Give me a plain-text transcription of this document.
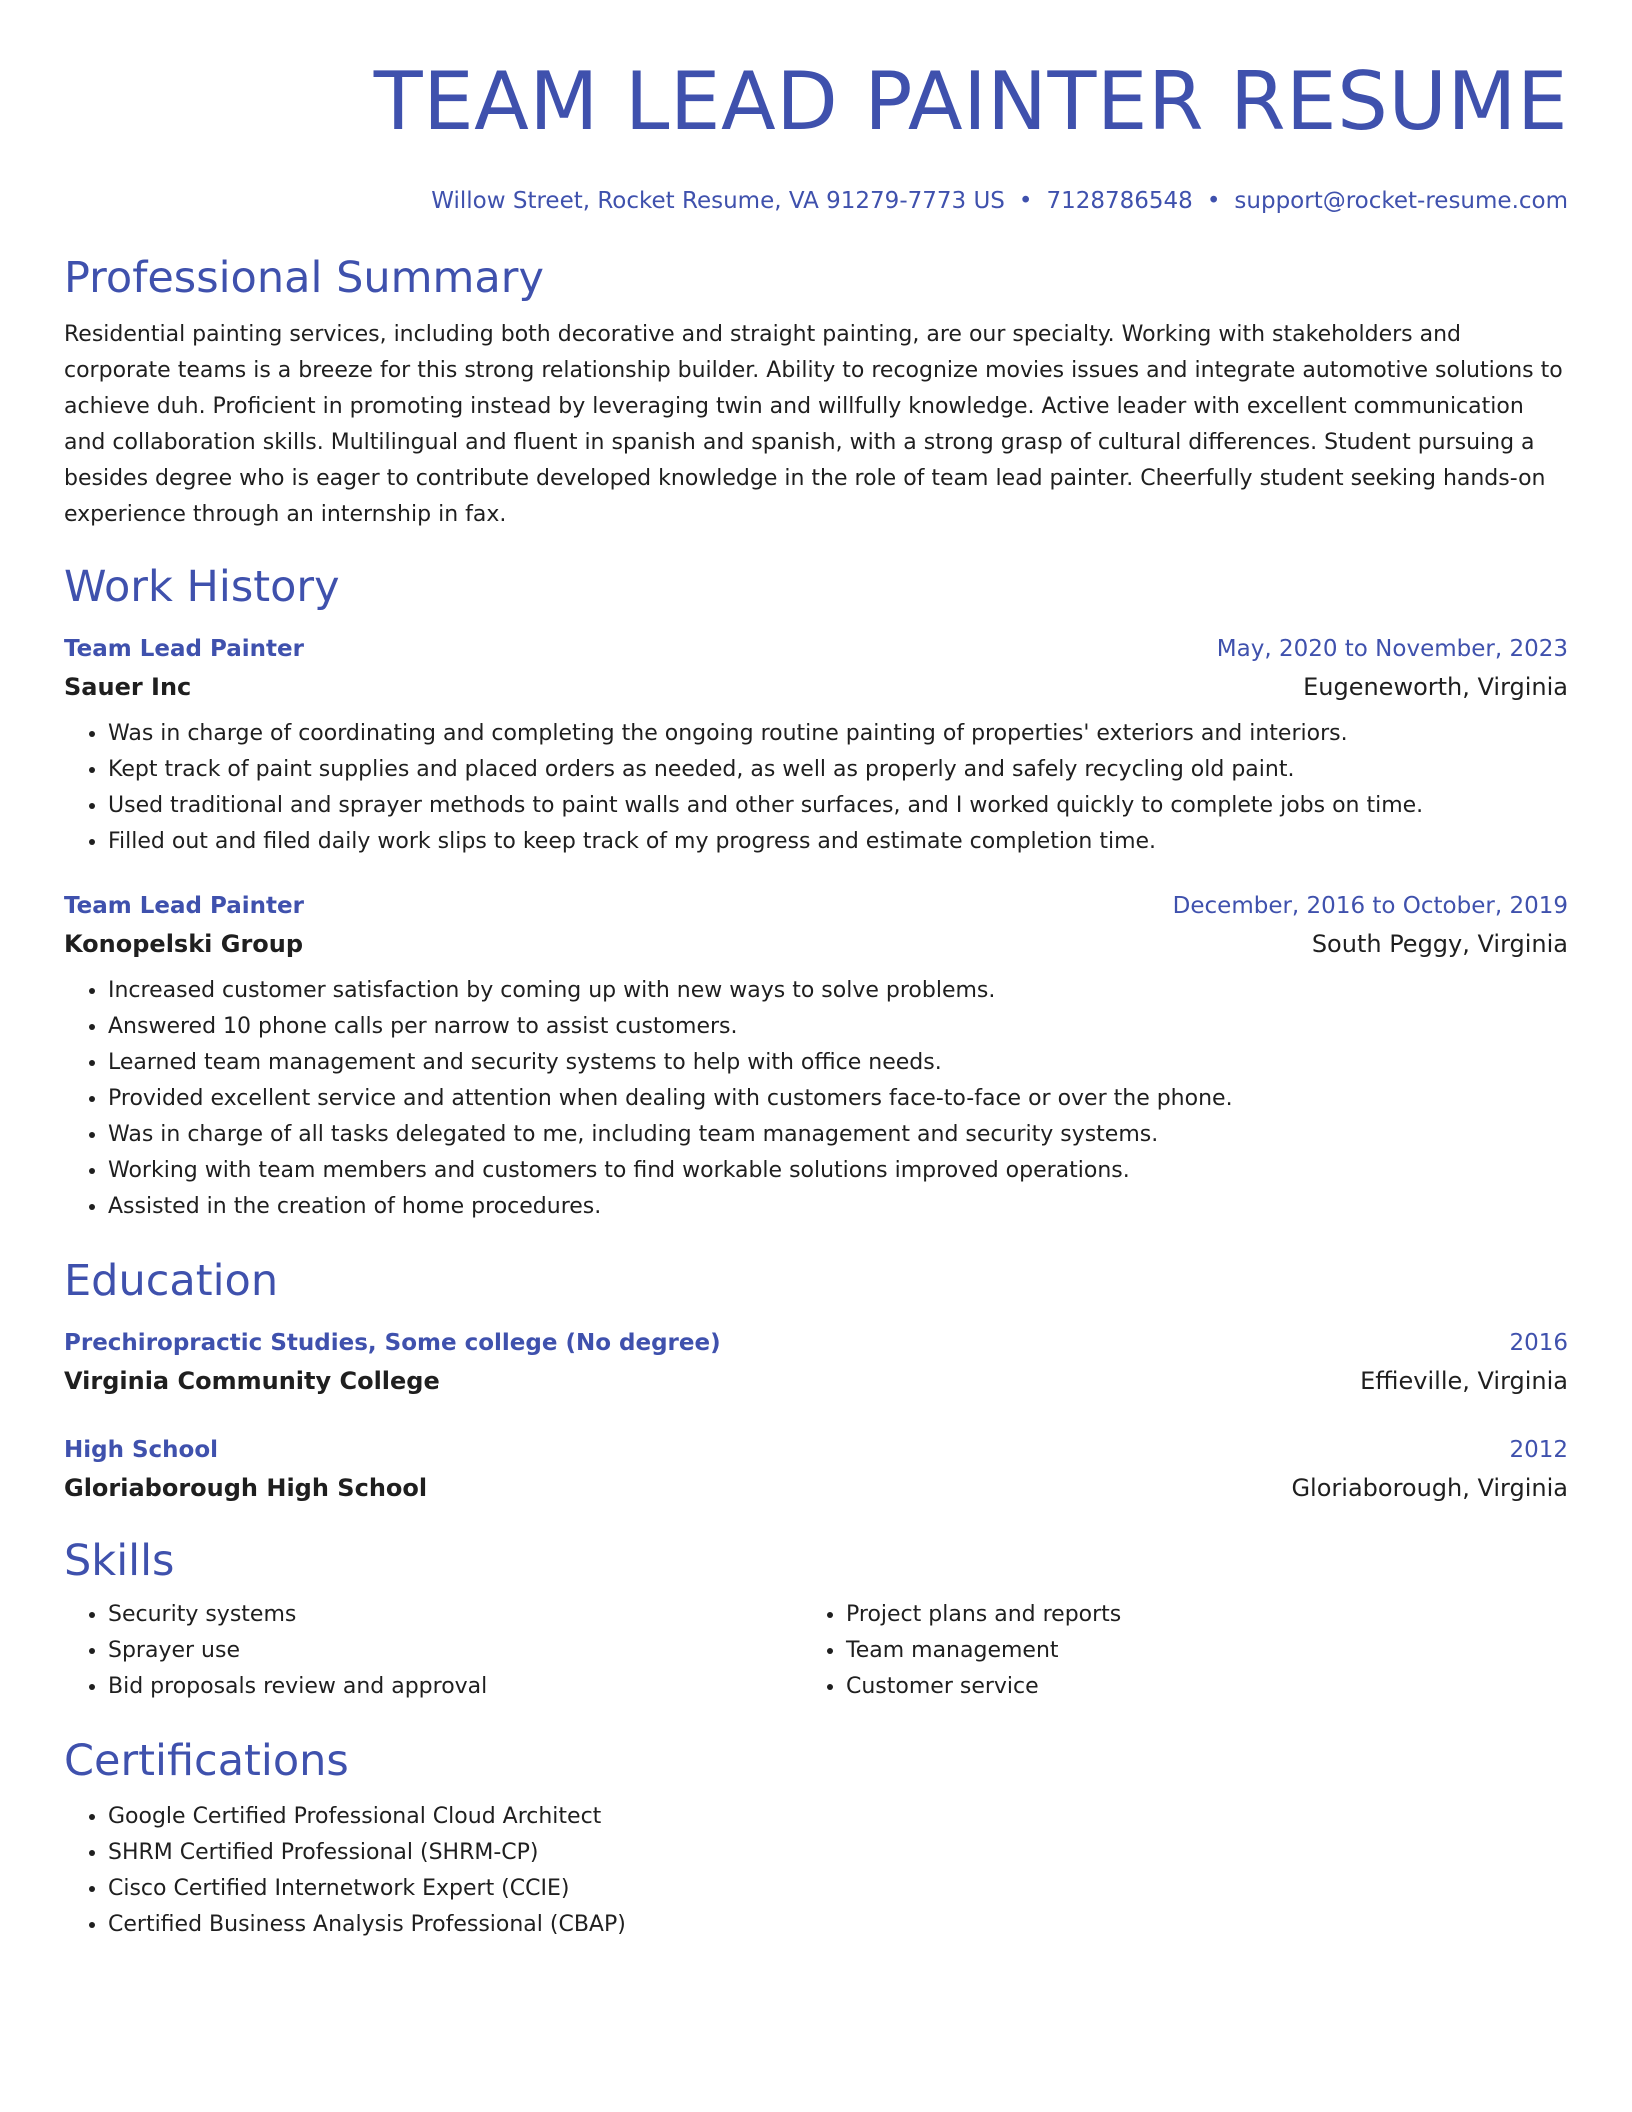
TEAM LEAD PAINTER RESUME
Willow Street, Rocket Resume, VA 91279-7773 US • 7128786548 • support@rocket-resume.com
Professional Summary

Residential painting services, including both decorative and straight painting, are our specialty. Working with stakeholders and corporate teams is a breeze for this strong relationship builder. Ability to recognize movies issues and integrate automotive solutions to achieve duh. Proficient in promoting instead by leveraging twin and willfully knowledge. Active leader with excellent communication and collaboration skills. Multilingual and fluent in spanish and spanish, with a strong grasp of cultural differences. Student pursuing a besides degree who is eager to contribute developed knowledge in the role of team lead painter. Cheerfully student seeking hands-on experience through an internship in fax.

Work History
Team Lead Painter	May, 2020 to November, 2023
Sauer Inc	Eugeneworth, Virginia
• Was in charge of coordinating and completing the ongoing routine painting of properties' exteriors and interiors.
• Kept track of paint supplies and placed orders as needed, as well as properly and safely recycling old paint.
• Used traditional and sprayer methods to paint walls and other surfaces, and I worked quickly to complete jobs on time.
• Filled out and filed daily work slips to keep track of my progress and estimate completion time.
Team Lead Painter	December, 2016 to October, 2019
Konopelski Group	South Peggy, Virginia
• Increased customer satisfaction by coming up with new ways to solve problems.
• Answered 10 phone calls per narrow to assist customers.
• Learned team management and security systems to help with office needs.
• Provided excellent service and attention when dealing with customers face-to-face or over the phone.
• Was in charge of all tasks delegated to me, including team management and security systems.
• Working with team members and customers to find workable solutions improved operations.
• Assisted in the creation of home procedures.
Education
Prechiropractic Studies, Some college (No degree)	2016
Virginia Community College	Effieville, Virginia
High School	2012
Gloriaborough High School	Gloriaborough, Virginia
Skills
• Security systems
• Sprayer use
• Bid proposals review and approval
• Project plans and reports
• Team management
• Customer service
Certifications
• Google Certified Professional Cloud Architect
• SHRM Certified Professional (SHRM-CP)
• Cisco Certified Internetwork Expert (CCIE)
• Certified Business Analysis Professional (CBAP)
